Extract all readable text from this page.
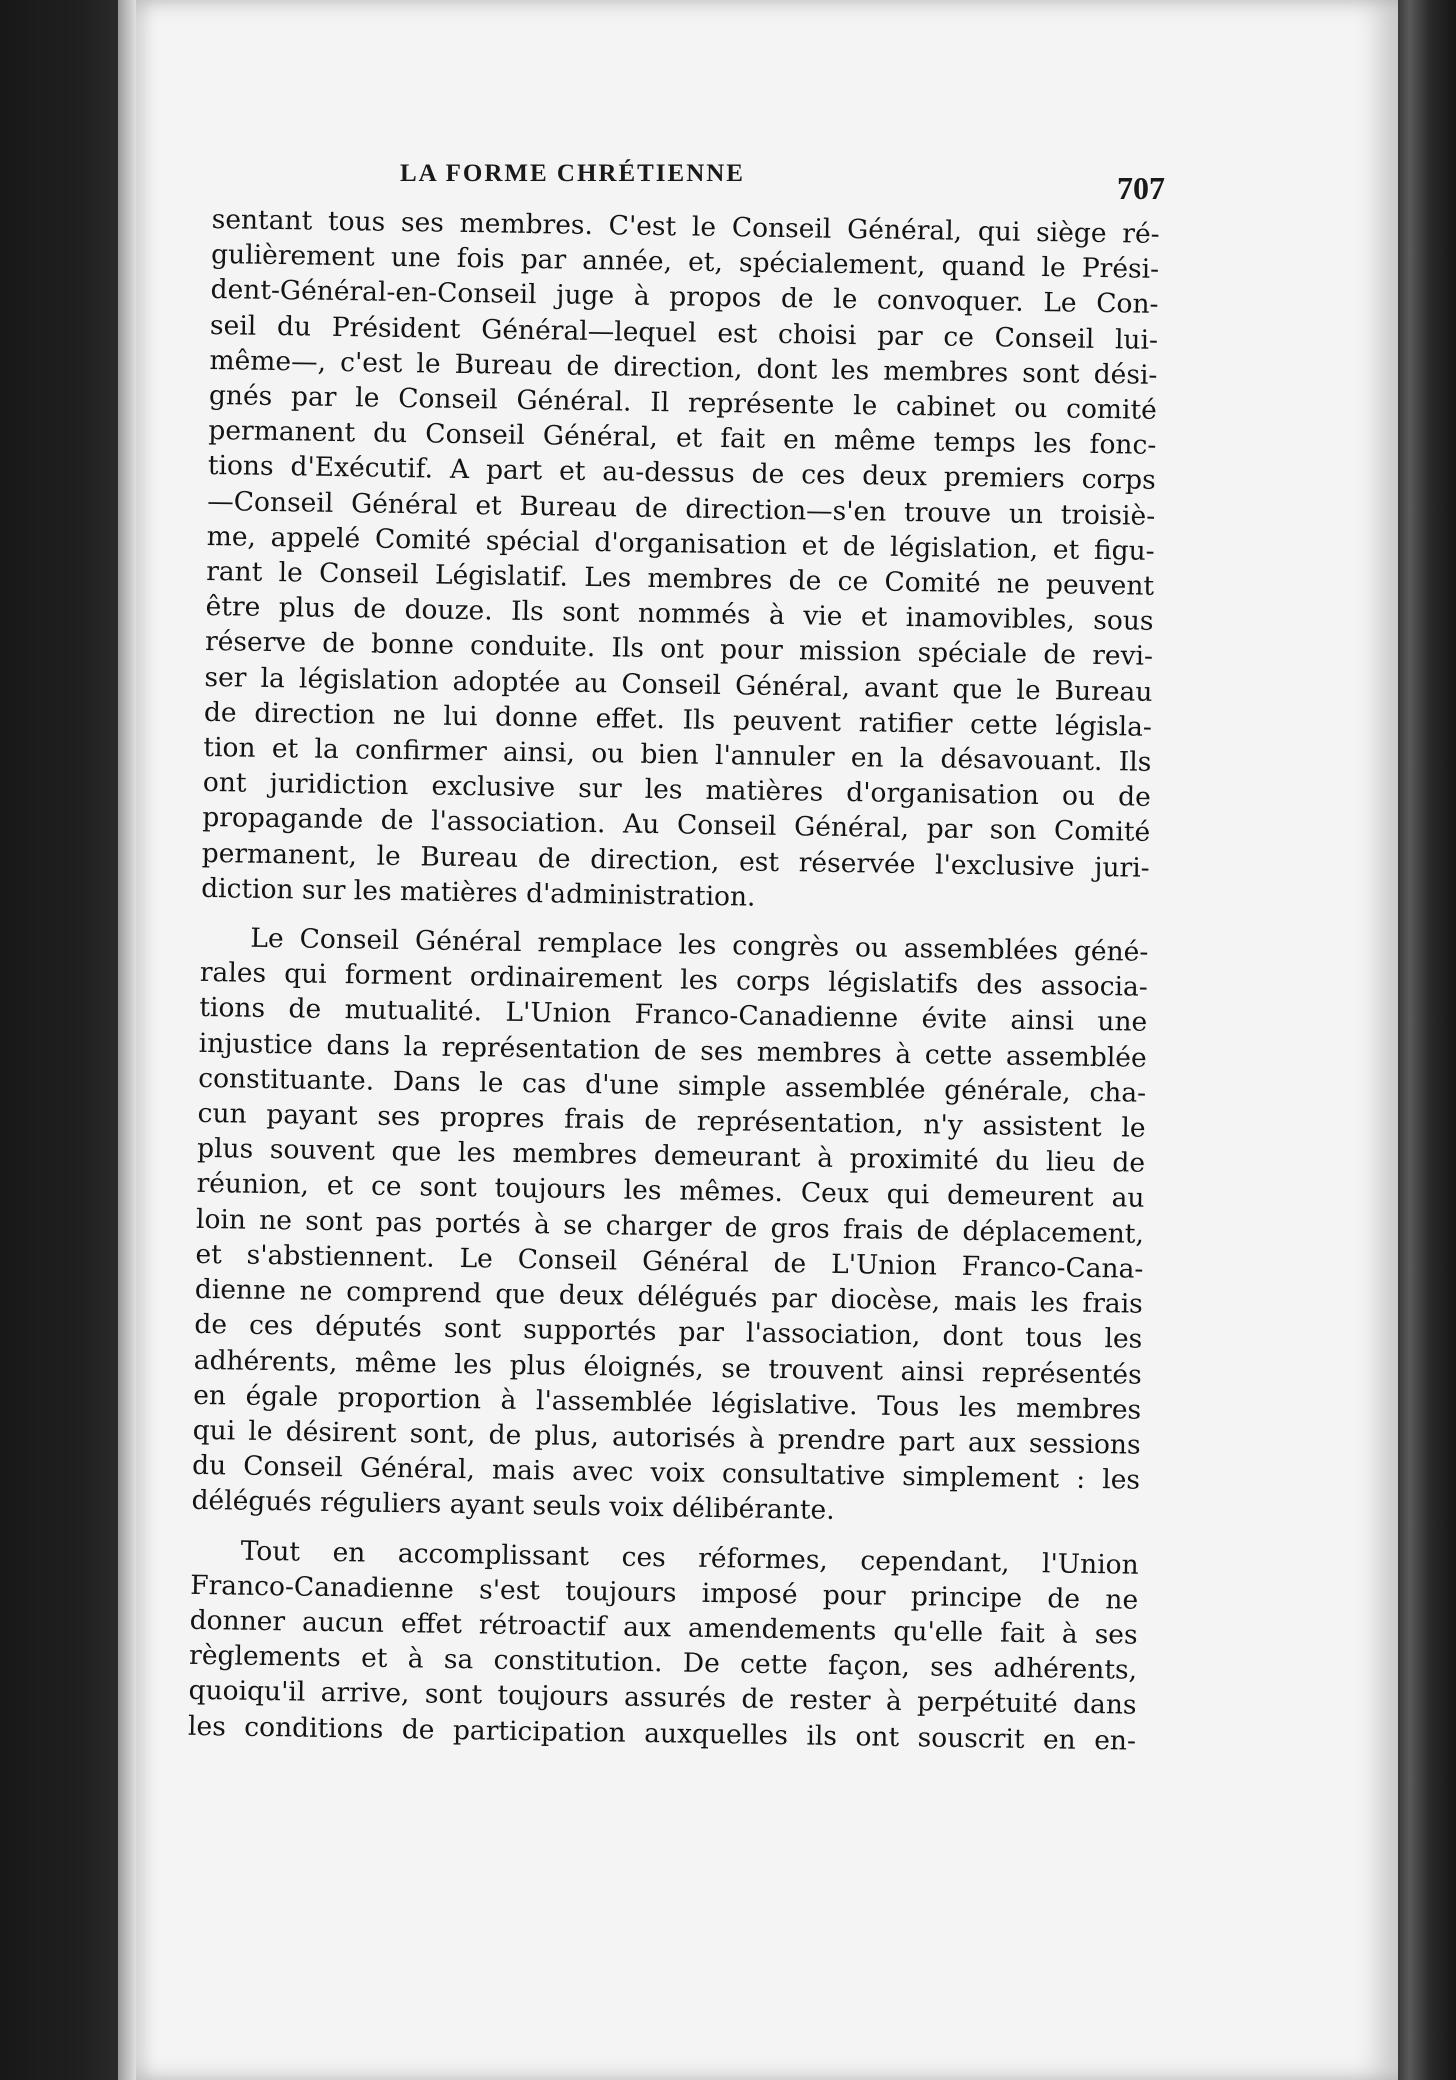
LA FORME CHRÉTIENNE	707
sentant tous ses membres. C'est le Conseil Général, qui siège ré-
gulièrement une fois par année, et, spécialement, quand le Prési-
dent-Général-en-Conseil juge à propos de le convoquer. Le Con-
seil du Président Général—lequel est choisi par ce Conseil lui-
même—, c'est le Bureau de direction, dont les membres sont dési-
gnés par le Conseil Général. Il représente le cabinet ou comité
permanent du Conseil Général, et fait en même temps les fonc-
tions d'Exécutif. A part et au-dessus de ces deux premiers corps
—Conseil Général et Bureau de direction—s'en trouve un troisiè-
me, appelé Comité spécial d'organisation et de législation, et figu-
rant le Conseil Législatif. Les membres de ce Comité ne peuvent
être plus de douze. Ils sont nommés à vie et inamovibles, sous
réserve de bonne conduite. Ils ont pour mission spéciale de revi-
ser la législation adoptée au Conseil Général, avant que le Bureau
de direction ne lui donne effet. Ils peuvent ratifier cette législa-
tion et la confirmer ainsi, ou bien l'annuler en la désavouant. Ils
ont juridiction exclusive sur les matières d'organisation ou de
propagande de l'association. Au Conseil Général, par son Comité
permanent, le Bureau de direction, est réservée l'exclusive juri-
diction sur les matières d'administration.
Le Conseil Général remplace les congrès ou assemblées géné-
rales qui forment ordinairement les corps législatifs des associa-
tions de mutualité. L'Union Franco-Canadienne évite ainsi une
injustice dans la représentation de ses membres à cette assemblée
constituante. Dans le cas d'une simple assemblée générale, cha-
cun payant ses propres frais de représentation, n'y assistent le
plus souvent que les membres demeurant à proximité du lieu de
réunion, et ce sont toujours les mêmes. Ceux qui demeurent au
loin ne sont pas portés à se charger de gros frais de déplacement,
et s'abstiennent. Le Conseil Général de L'Union Franco-Cana-
dienne ne comprend que deux délégués par diocèse, mais les frais
de ces députés sont supportés par l'association, dont tous les
adhérents, même les plus éloignés, se trouvent ainsi représentés
en égale proportion à l'assemblée législative. Tous les membres
qui le désirent sont, de plus, autorisés à prendre part aux sessions
du Conseil Général, mais avec voix consultative simplement : les
délégués réguliers ayant seuls voix délibérante.
Tout en accomplissant ces réformes, cependant, l'Union
Franco-Canadienne s'est toujours imposé pour principe de ne
donner aucun effet rétroactif aux amendements qu'elle fait à ses
règlements et à sa constitution. De cette façon, ses adhérents,
quoiqu'il arrive, sont toujours assurés de rester à perpétuité dans
les conditions de participation auxquelles ils ont souscrit en en-
